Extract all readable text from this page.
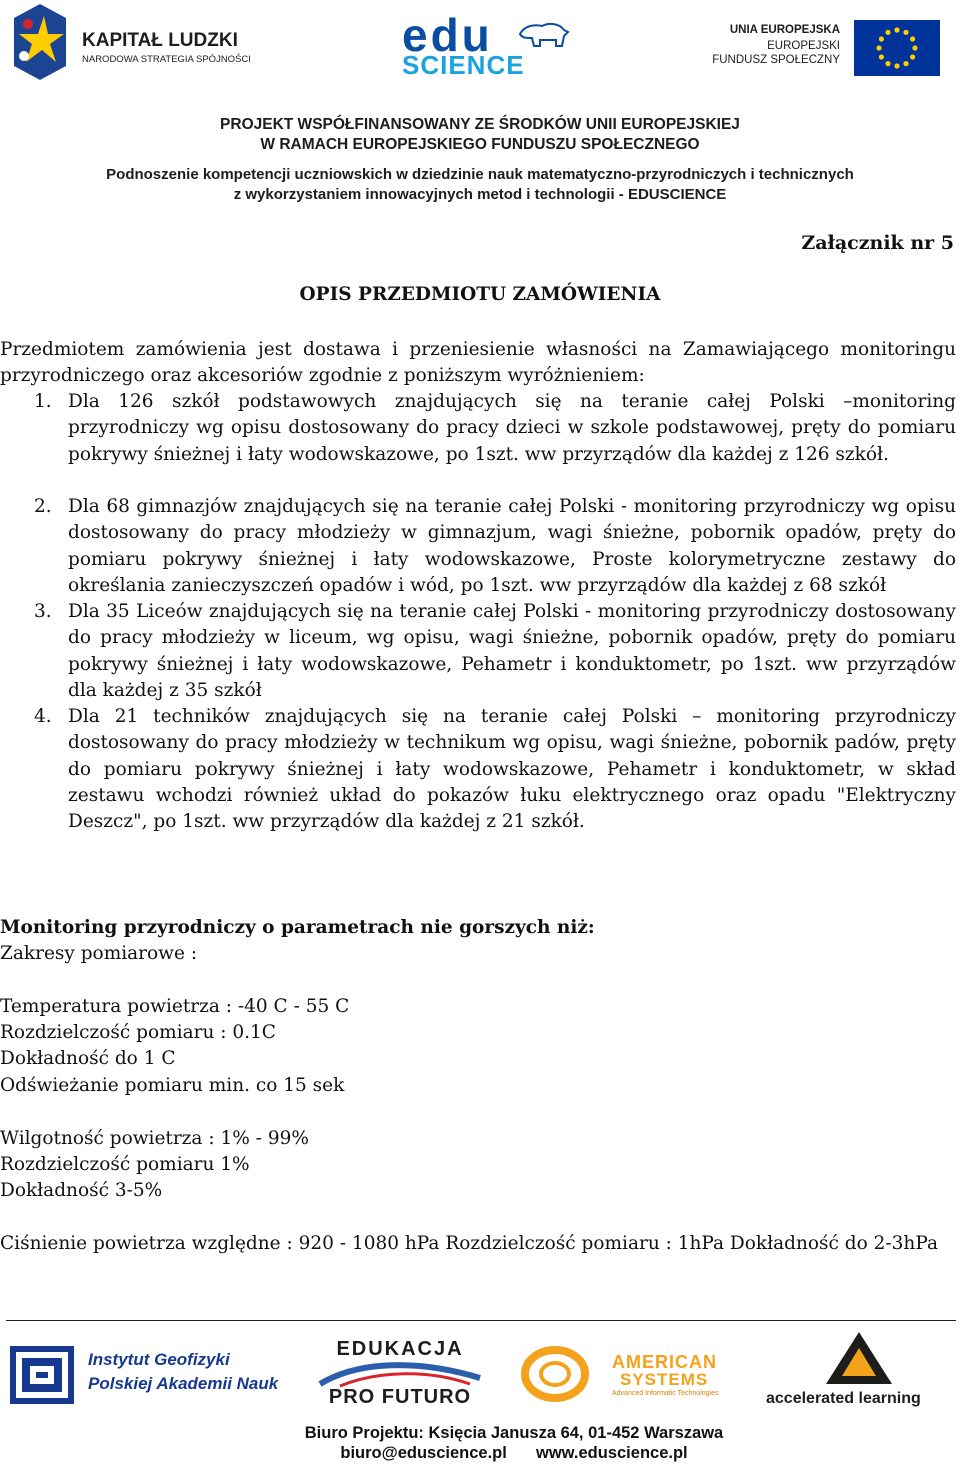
KAPITAŁ LUDZKI
NARODOWA STRATEGIA SPÓJNOŚCI	edu
SCIENCE
UNIA EUROPEJSKA
EUROPEJSKI
FUNDUSZ SPOŁECZNY
PROJEKT WSPÓŁFINANSOWANY ZE ŚRODKÓW UNII EUROPEJSKIEJ
W RAMACH EUROPEJSKIEGO FUNDUSZU SPOŁECZNEGO
Podnoszenie kompetencji uczniowskich w dziedzinie nauk matematyczno-przyrodniczych i technicznych
z wykorzystaniem innowacyjnych metod i technologii - EDUSCIENCE
Załącznik nr 5
OPIS PRZEDMIOTU ZAMÓWIENIA
Przedmiotem zamówienia jest dostawa i przeniesienie własności na Zamawiającego monitoringu przyrodniczego oraz akcesoriów zgodnie z poniższym wyróżnieniem:
1. Dla 126 szkół podstawowych znajdujących się na teranie całej Polski –monitoring przyrodniczy wg opisu dostosowany do pracy dzieci w szkole podstawowej, pręty do pomiaru pokrywy śnieżnej i łaty wodowskazowe, po 1szt. ww przyrządów dla każdej z 126 szkół.
2. Dla 68 gimnazjów znajdujących się na teranie całej Polski - monitoring przyrodniczy wg opisu dostosowany do pracy młodzieży w gimnazjum, wagi śnieżne, pobornik opadów, pręty do pomiaru pokrywy śnieżnej i łaty wodowskazowe, Proste kolorymetryczne zestawy do określania zanieczyszczeń opadów i wód, po 1szt. ww przyrządów dla każdej z 68 szkół
3. Dla 35 Liceów znajdujących się na teranie całej Polski - monitoring przyrodniczy dostosowany do pracy młodzieży w liceum, wg opisu, wagi śnieżne, pobornik opadów, pręty do pomiaru pokrywy śnieżnej i łaty wodowskazowe, Pehametr i konduktometr, po 1szt. ww przyrządów dla każdej z 35 szkół
4. Dla 21 techników znajdujących się na teranie całej Polski – monitoring przyrodniczy dostosowany do pracy młodzieży w technikum wg opisu, wagi śnieżne, pobornik padów, pręty do pomiaru pokrywy śnieżnej i łaty wodowskazowe, Pehametr i konduktometr, w skład zestawu wchodzi również układ do pokazów łuku elektrycznego oraz opadu "Elektryczny Deszcz", po 1szt. ww przyrządów dla każdej z 21 szkół.
Monitoring przyrodniczy o parametrach nie gorszych niż:
Zakresy pomiarowe :
Temperatura powietrza : -40 C - 55 C
Rozdzielczość pomiaru : 0.1C
Dokładność do 1 C
Odświeżanie pomiaru min. co 15 sek
Wilgotność powietrza : 1% - 99%
Rozdzielczość pomiaru 1%
Dokładność 3-5%
Ciśnienie powietrza względne : 920 - 1080 hPa Rozdzielczość pomiaru : 1hPa Dokładność do 2-3hPa
Instytut Geofizyki
Polskiej Akademii Nauk
EDUKACJA
PRO FUTURO
AMERICAN
SYSTEMS
Advanced Informatic Technologies	accelerated learning
Biuro Projektu: Księcia Janusza 64, 01-452 Warszawa
biuro@eduscience.pl www.eduscience.pl
